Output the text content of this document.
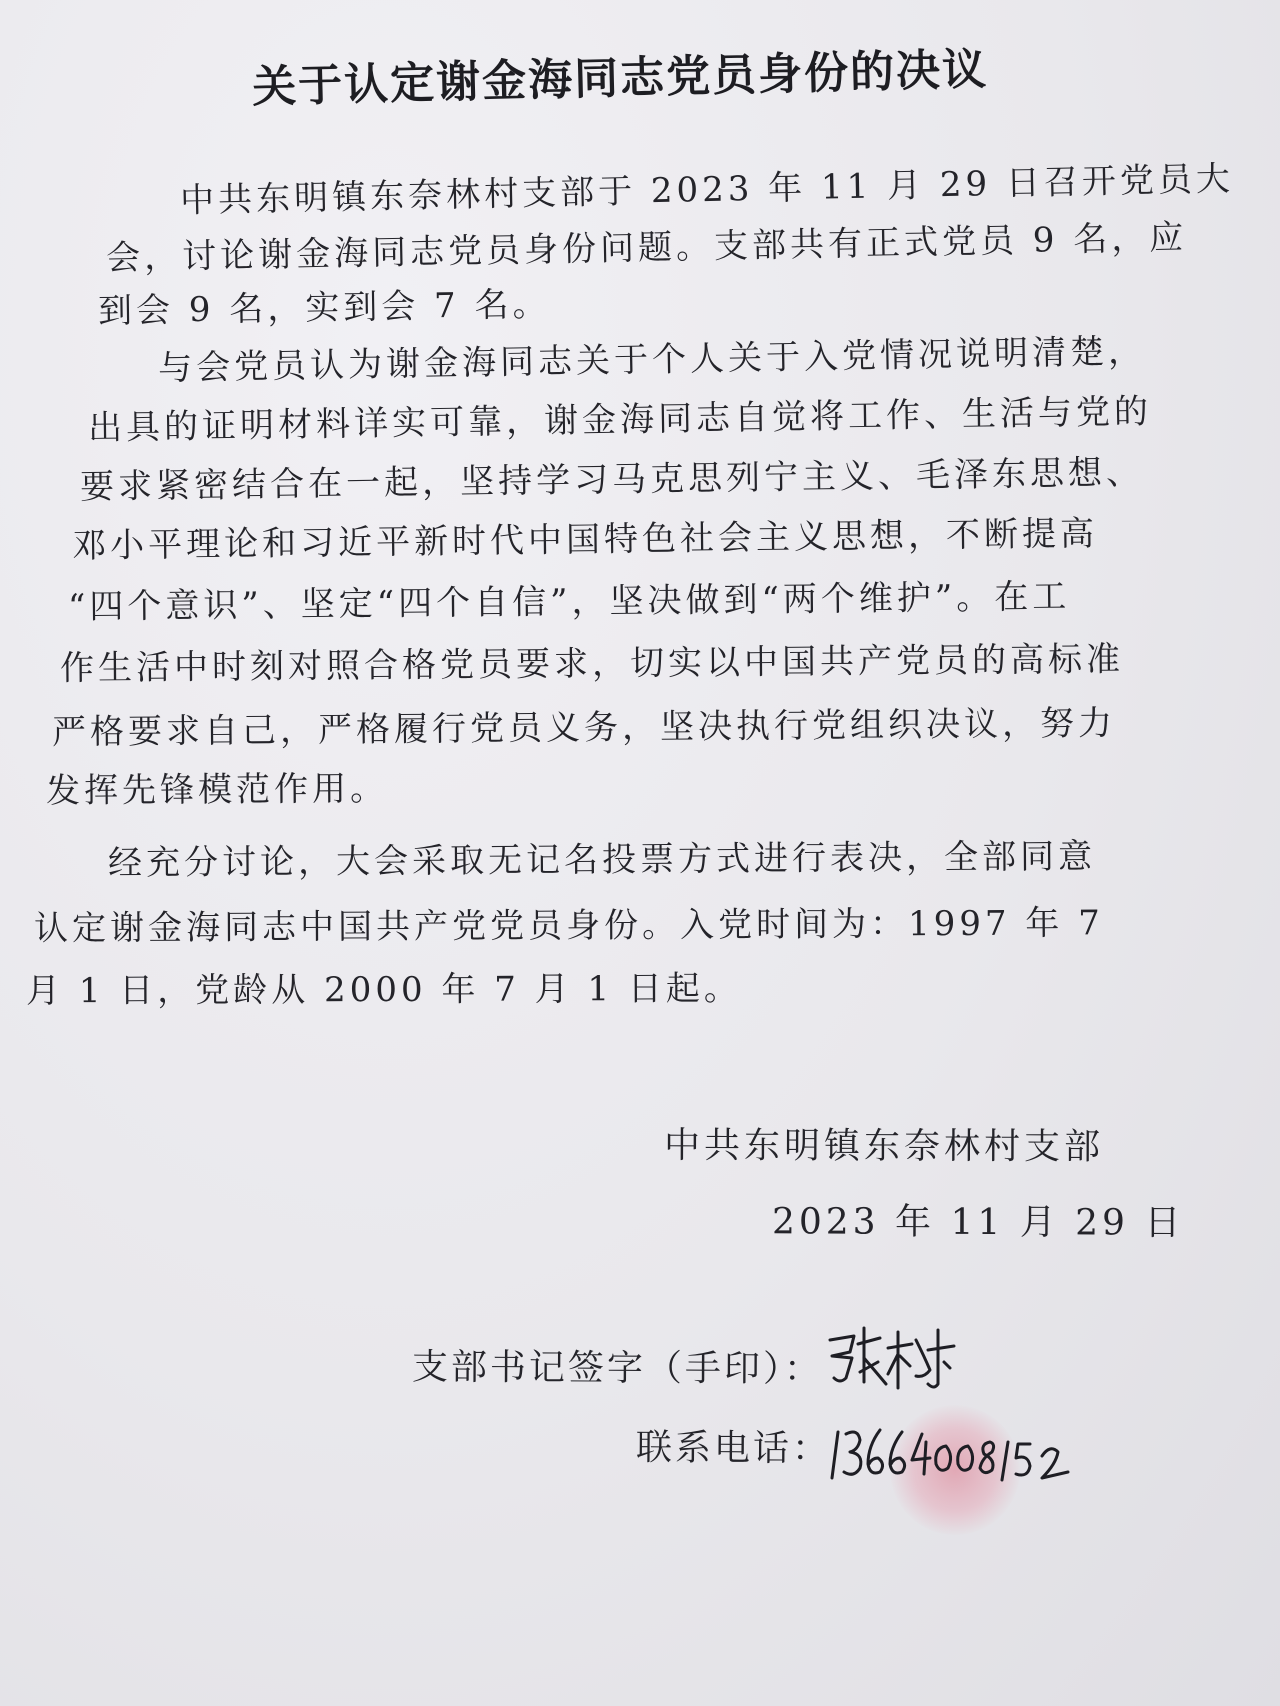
关于认定谢金海同志党员身份的决议
中共东明镇东奈林村支部于 2023 年 11 月 29 日召开党员大
会，讨论谢金海同志党员身份问题。支部共有正式党员 9 名，应
到会 9 名，实到会 7 名。
与会党员认为谢金海同志关于个人关于入党情况说明清楚，
出具的证明材料详实可靠，谢金海同志自觉将工作、生活与党的
要求紧密结合在一起，坚持学习马克思列宁主义、毛泽东思想、
邓小平理论和习近平新时代中国特色社会主义思想，不断提高
“四个意识”、坚定“四个自信”，坚决做到“两个维护”。在工
作生活中时刻对照合格党员要求，切实以中国共产党员的高标准
严格要求自己，严格履行党员义务，坚决执行党组织决议，努力
发挥先锋模范作用。
经充分讨论，大会采取无记名投票方式进行表决，全部同意
认定谢金海同志中国共产党党员身份。入党时间为：1997 年 7
月 1 日，党龄从 2000 年 7 月 1 日起。
中共东明镇东奈林村支部
2023 年 11 月 29 日
支部书记签字（手印）：
联系电话：
